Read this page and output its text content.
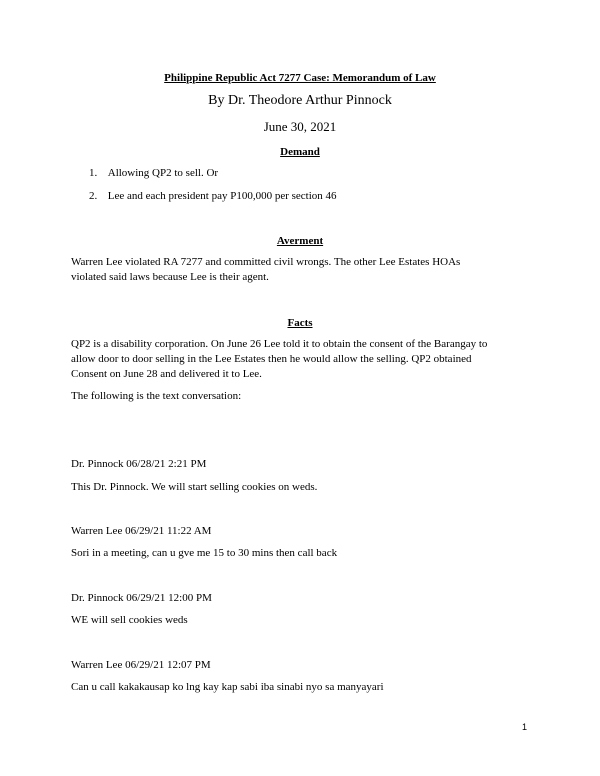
Philippine Republic Act 7277 Case: Memorandum of Law
By Dr. Theodore Arthur Pinnock
June 30, 2021
Demand
1. Allowing QP2 to sell. Or
2. Lee and each president pay P100,000 per section 46
Averment
Warren Lee violated RA 7277 and committed civil wrongs. The other Lee Estates HOAs
violated said laws because Lee is their agent.
Facts
QP2 is a disability corporation. On June 26 Lee told it to obtain the consent of the Barangay to
allow door to door selling in the Lee Estates then he would allow the selling. QP2 obtained
Consent on June 28 and delivered it to Lee.
The following is the text conversation:
Dr. Pinnock 06/28/21 2:21 PM
This Dr. Pinnock. We will start selling cookies on weds.
Warren Lee 06/29/21 11:22 AM
Sori in a meeting, can u gve me 15 to 30 mins then call back
Dr. Pinnock 06/29/21 12:00 PM
WE will sell cookies weds
Warren Lee 06/29/21 12:07 PM
Can u call kakakausap ko lng kay kap sabi iba sinabi nyo sa manyayari
1
